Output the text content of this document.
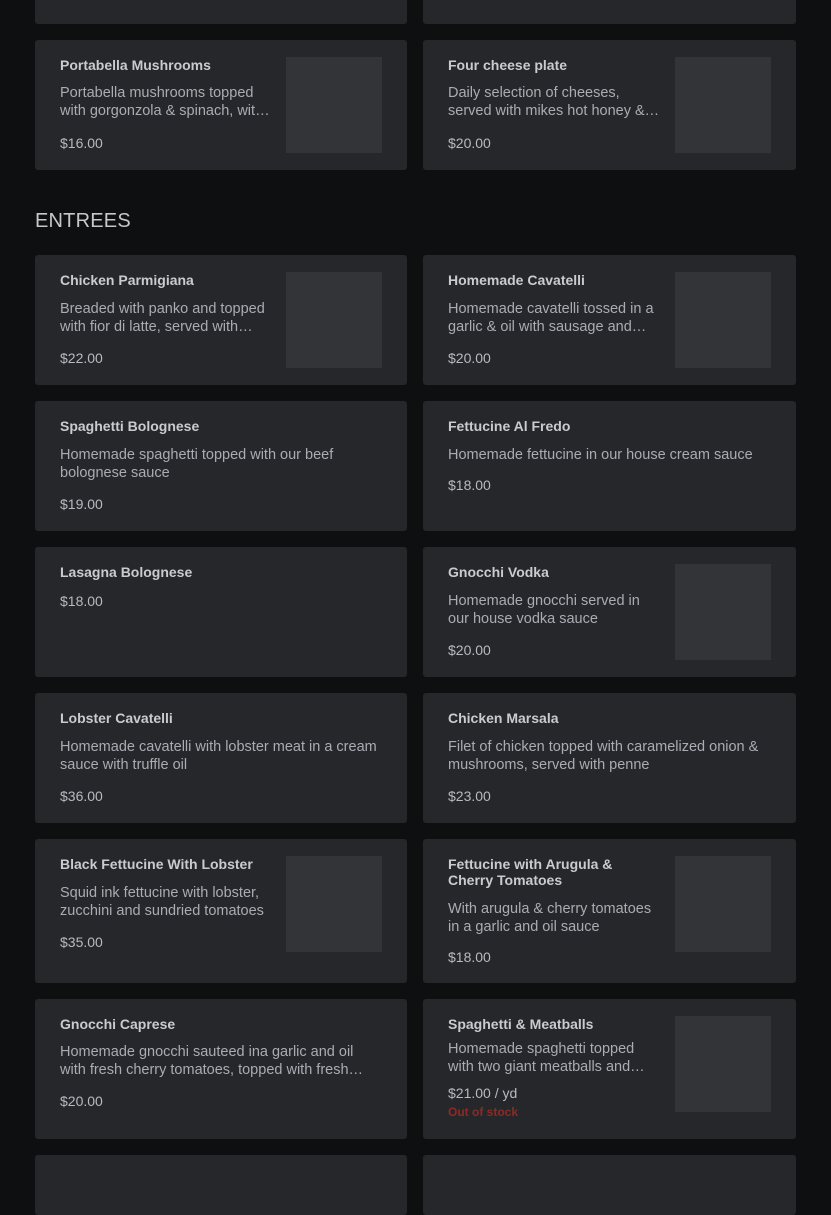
Portabella Mushrooms
Portabella mushrooms topped with gorgonzola & spinach, with
$16.00
Four cheese plate
Daily selection of cheeses, served with mikes hot honey &
$20.00
ENTREES
Chicken Parmigiana
Breaded with panko and topped with fior di latte, served with
$22.00
Homemade Cavatelli
Homemade cavatelli tossed in a garlic & oil with sausage and
$20.00
Spaghetti Bolognese
Homemade spaghetti topped with our beef bolognese sauce
$19.00
Fettucine Al Fredo
Homemade fettucine in our house cream sauce
$18.00
Lasagna Bolognese
$18.00
Gnocchi Vodka
Homemade gnocchi served in our house vodka sauce
$20.00
Lobster Cavatelli
Homemade cavatelli with lobster meat in a cream sauce with truffle oil
$36.00
Chicken Marsala
Filet of chicken topped with caramelized onion & mushrooms, served with penne
$23.00
Black Fettucine With Lobster
Squid ink fettucine with lobster, zucchini and sundried tomatoes
$35.00
Fettucine with Arugula & Cherry Tomatoes
With arugula & cherry tomatoes in a garlic and oil sauce
$18.00
Gnocchi Caprese
Homemade gnocchi sauteed ina garlic and oil with fresh cherry tomatoes, topped with fresh
$20.00
Spaghetti & Meatballs
Homemade spaghetti topped with two giant meatballs and
$21.00 / yd
Out of stock
